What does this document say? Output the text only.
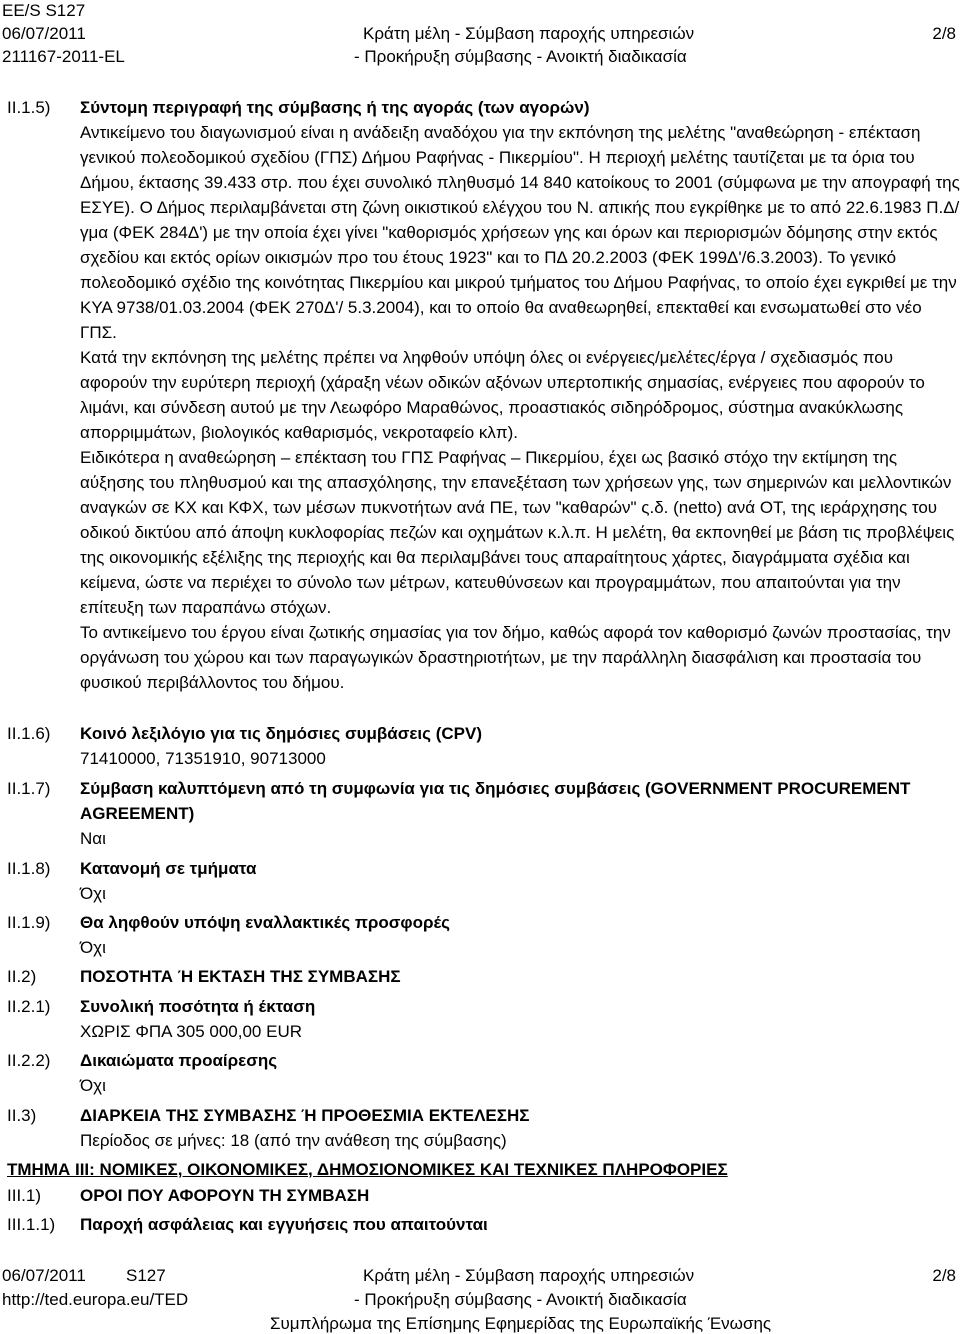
EE/S S127
06/07/2011
211167-2011-EL
Κράτη μέλη - Σύμβαση παροχής υπηρεσιών
- Προκήρυξη σύμβασης - Ανοικτή διαδικασία
2/8
II.1.5) Σύντομη περιγραφή της σύμβασης ή της αγοράς (των αγορών)

Αντικείμενο του διαγωνισμού είναι η ανάδειξη αναδόχου για την εκπόνηση της μελέτης "αναθεώρηση - επέκταση γενικού πολεοδομικού σχεδίου (ΓΠΣ) Δήμου Ραφήνας - Πικερμίου". Η περιοχή μελέτης ταυτίζεται με τα όρια του Δήμου, έκτασης 39.433 στρ. που έχει συνολικό πληθυσμό 14 840 κατοίκους το 2001 (σύμφωνα με την απογραφή της ΕΣΥΕ). Ο Δήμος περιλαμβάνεται στη ζώνη οικιστικού ελέγχου του Ν. απικής που εγκρίθηκε με το από 22.6.1983 Π.Δ/γμα (ΦΕΚ 284Δ') με την οποία έχει γίνει "καθορισμός χρήσεων γης και όρων και περιορισμών δόμησης στην εκτός σχεδίου και εκτός ορίων οικισμών προ του έτους 1923" και το ΠΔ 20.2.2003 (ΦΕΚ 199Δ'/6.3.2003). Το γενικό πολεοδομικό σχέδιο της κοινότητας Πικερμίου και μικρού τμήματος του Δήμου Ραφήνας, το οποίο έχει εγκριθεί με την ΚΥΑ 9738/01.03.2004 (ΦΕΚ 270Δ'/ 5.3.2004), και το οποίο θα αναθεωρηθεί, επεκταθεί και ενσωματωθεί στο νέο ΓΠΣ.

Κατά την εκπόνηση της μελέτης πρέπει να ληφθούν υπόψη όλες οι ενέργειες/μελέτες/έργα / σχεδιασμός που αφορούν την ευρύτερη περιοχή (χάραξη νέων οδικών αξόνων υπερτοπικής σημασίας, ενέργειες που αφορούν το λιμάνι, και σύνδεση αυτού με την Λεωφόρο Μαραθώνος, προαστιακός σιδηρόδρομος, σύστημα ανακύκλωσης απορριμμάτων, βιολογικός καθαρισμός, νεκροταφείο κλπ).

Ειδικότερα η αναθεώρηση – επέκταση του ΓΠΣ Ραφήνας – Πικερμίου, έχει ως βασικό στόχο την εκτίμηση της αύξησης του πληθυσμού και της απασχόλησης, την επανεξέταση των χρήσεων γης, των σημερινών και μελλοντικών αναγκών σε ΚΧ και ΚΦΧ, των μέσων πυκνοτήτων ανά ΠΕ, των "καθαρών" ς.δ. (netto) ανά ΟΤ, της ιεράρχησης του οδικού δικτύου από άποψη κυκλοφορίας πεζών και οχημάτων κ.λ.π. Η μελέτη, θα εκπονηθεί με βάση τις προβλέψεις της οικονομικής εξέλιξης της περιοχής και θα περιλαμβάνει τους απαραίτητους χάρτες, διαγράμματα σχέδια και κείμενα, ώστε να περιέχει το σύνολο των μέτρων, κατευθύνσεων και προγραμμάτων, που απαιτούνται για την επίτευξη των παραπάνω στόχων.

Το αντικείμενο του έργου είναι ζωτικής σημασίας για τον δήμο, καθώς αφορά τον καθορισμό ζωνών προστασίας, την οργάνωση του χώρου και των παραγωγικών δραστηριοτήτων, με την παράλληλη διασφάλιση και προστασία του φυσικού περιβάλλοντος του δήμου.

II.1.6) Κοινό λεξιλόγιο για τις δημόσιες συμβάσεις (CPV)

71410000, 71351910, 90713000

II.1.7) Σύμβαση καλυπτόμενη από τη συμφωνία για τις δημόσιες συμβάσεις (GOVERNMENT PROCUREMENT AGREEMENT)

Ναι

II.1.8) Κατανομή σε τμήματα

Όχι

II.1.9) Θα ληφθούν υπόψη εναλλακτικές προσφορές

Όχι

II.2)	ΠΟΣΟΤΗΤΑ Ή ΕΚΤΑΣΗ ΤΗΣ ΣΥΜΒΑΣΗΣ

II.2.1) Συνολική ποσότητα ή έκταση

ΧΩΡΙΣ ΦΠΑ 305 000,00 EUR

II.2.2) Δικαιώματα προαίρεσης

Όχι

II.3)	ΔΙΑΡΚΕΙΑ ΤΗΣ ΣΥΜΒΑΣΗΣ Ή ΠΡΟΘΕΣΜΙΑ ΕΚΤΕΛΕΣΗΣ

Περίοδος σε μήνες: 18 (από την ανάθεση της σύμβασης)

ΤΜΗΜΑ III: ΝΟΜΙΚΕΣ, ΟΙΚΟΝΟΜΙΚΕΣ, ΔΗΜΟΣΙΟΝΟΜΙΚΕΣ ΚΑΙ ΤΕΧΝΙΚΕΣ ΠΛΗΡΟΦΟΡΙΕΣ
III.1) ΟΡΟΙ ΠΟΥ ΑΦΟΡΟΥΝ ΤΗ ΣΥΜΒΑΣΗ

III.1.1) Παροχή ασφάλειας και εγγυήσεις που απαιτούνται

06/07/2011 S127
http://ted.europa.eu/TED
Κράτη μέλη - Σύμβαση παροχής υπηρεσιών
- Προκήρυξη σύμβασης - Ανοικτή διαδικασία
Συμπλήρωμα της Επίσημης Εφημερίδας της Ευρωπαϊκής Ένωσης
2/8
